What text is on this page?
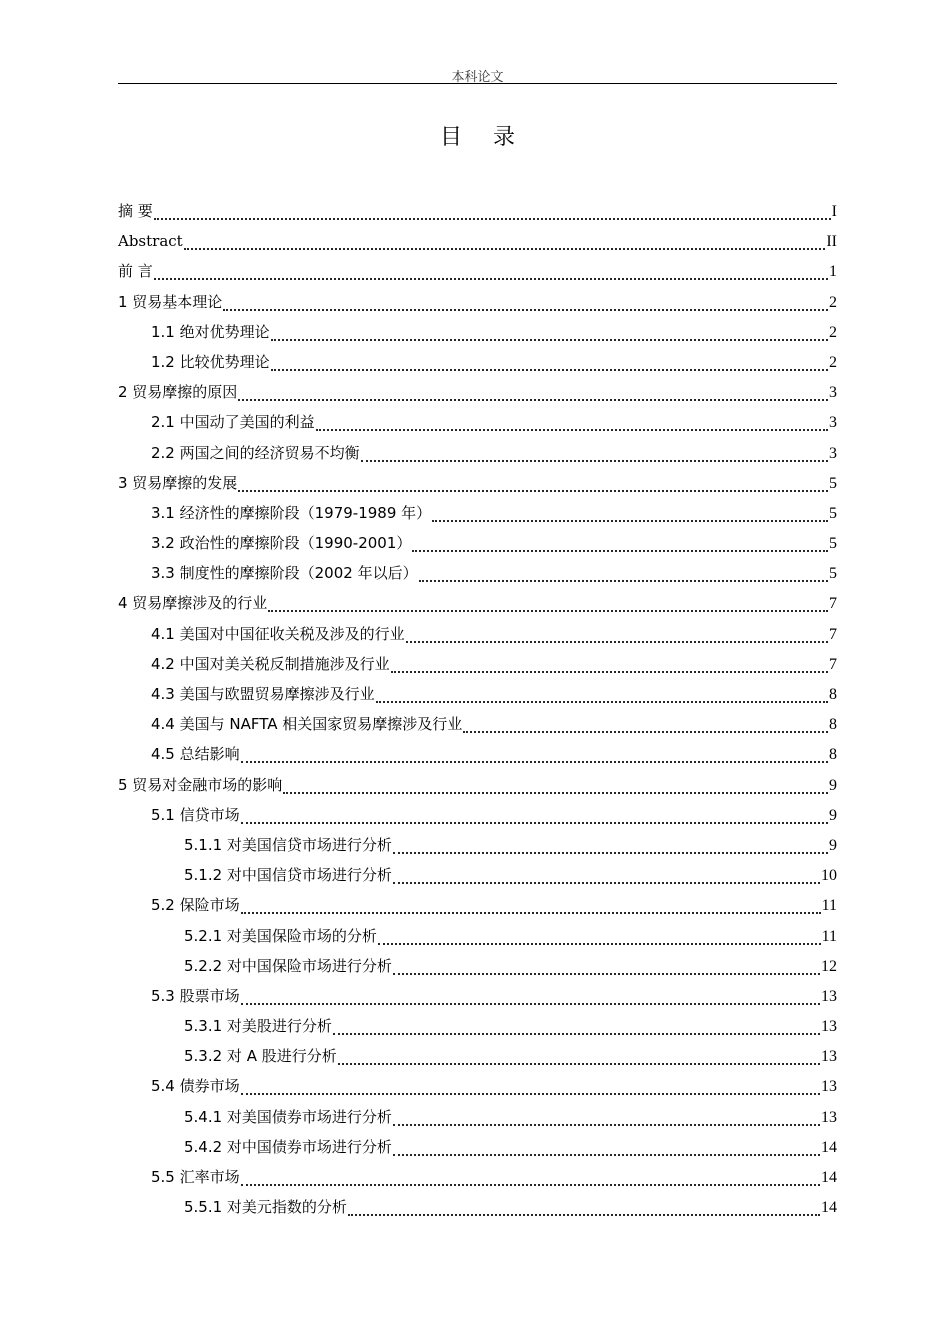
本科论文
目 录
摘 要	I
Abstract	II
前 言	1
1 贸易基本理论	2
1.1 绝对优势理论	2
1.2 比较优势理论	2
2 贸易摩擦的原因	3
2.1 中国动了美国的利益	3
2.2 两国之间的经济贸易不均衡	3
3 贸易摩擦的发展	5
3.1 经济性的摩擦阶段（1979-1989 年）	5
3.2 政治性的摩擦阶段（1990-2001）	5
3.3 制度性的摩擦阶段（2002 年以后）	5
4 贸易摩擦涉及的行业	7
4.1 美国对中国征收关税及涉及的行业	7
4.2 中国对美关税反制措施涉及行业	7
4.3 美国与欧盟贸易摩擦涉及行业	8
4.4 美国与 NAFTA 相关国家贸易摩擦涉及行业	8
4.5 总结影响	8
5 贸易对金融市场的影响	9
5.1 信贷市场	9
5.1.1 对美国信贷市场进行分析	9
5.1.2 对中国信贷市场进行分析	10
5.2 保险市场	11
5.2.1 对美国保险市场的分析	11
5.2.2 对中国保险市场进行分析	12
5.3 股票市场	13
5.3.1 对美股进行分析	13
5.3.2 对 A 股进行分析	13
5.4 债券市场	13
5.4.1 对美国债券市场进行分析	13
5.4.2 对中国债券市场进行分析	14
5.5 汇率市场	14
5.5.1 对美元指数的分析	14
